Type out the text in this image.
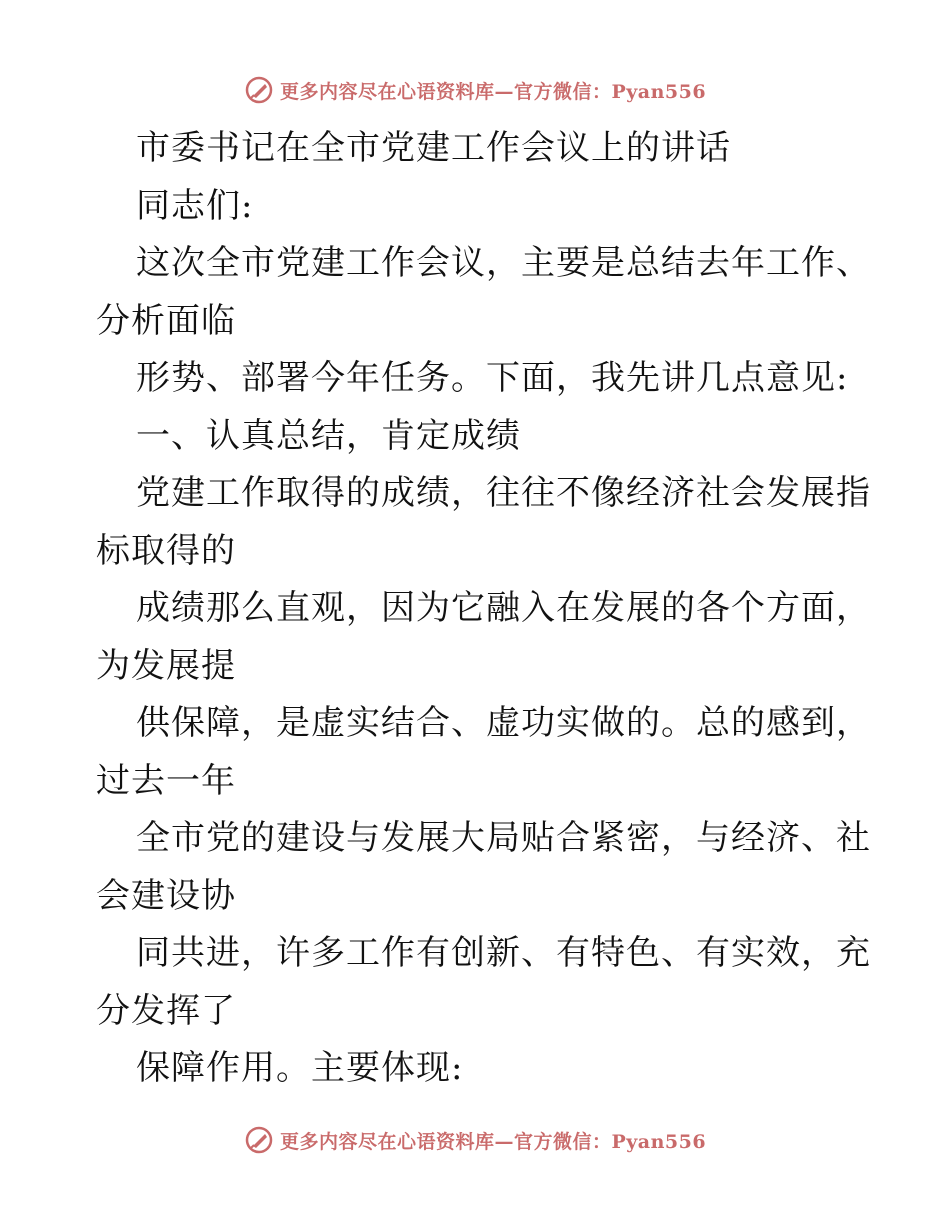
更多内容尽在心语资料库—官方微信：Pyan556
市委书记在全市党建工作会议上的讲话
同志们:
这次全市党建工作会议，主要是总结去年工作、
分析面临
形势、部署今年任务。下面，我先讲几点意见:
一、认真总结，肯定成绩
党建工作取得的成绩，往往不像经济社会发展指
标取得的
成绩那么直观，因为它融入在发展的各个方面，
为发展提
供保障，是虚实结合、虚功实做的。总的感到，
过去一年
全市党的建设与发展大局贴合紧密，与经济、社
会建设协
同共进，许多工作有创新、有特色、有实效，充
分发挥了
保障作用。主要体现:
更多内容尽在心语资料库—官方微信：Pyan556
